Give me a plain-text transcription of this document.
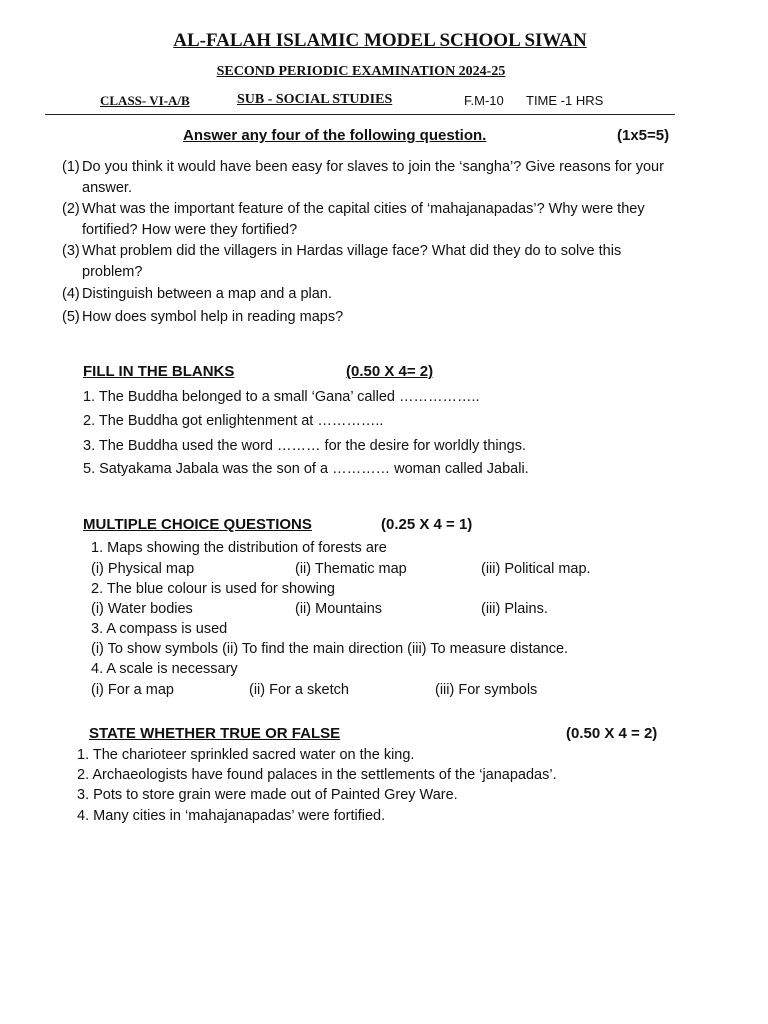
AL-FALAH ISLAMIC MODEL SCHOOL SIWAN
SECOND PERIODIC EXAMINATION 2024-25
CLASS- VI-A/B	SUB - SOCIAL STUDIES	F.M-10 TIME -1 HRS
Answer any four of the following question.	(1x5=5)
(1) Do you think it would have been easy for slaves to join the ‘sangha’? Give reasons for your answer.
(2) What was the important feature of the capital cities of ‘mahajanapadas’? Why were they fortified? How were they fortified?
(3) What problem did the villagers in Hardas village face? What did they do to solve this problem?
(4) Distinguish between a map and a plan.
(5) How does symbol help in reading maps?
FILL IN THE BLANKS	(0.50 X 4= 2)
1. The Buddha belonged to a small ‘Gana’ called ……………..
2. The Buddha got enlightenment at …………..
3. The Buddha used the word ……… for the desire for worldly things.
5. Satyakama Jabala was the son of a ………… woman called Jabali.
MULTIPLE CHOICE QUESTIONS	(0.25 X 4 = 1)
1. Maps showing the distribution of forests are
(i) Physical map	(ii) Thematic map	(iii) Political map.
2. The blue colour is used for showing
(i) Water bodies	(ii) Mountains	(iii) Plains.
3. A compass is used
(i) To show symbols (ii) To find the main direction (iii) To measure distance.
4. A scale is necessary
(i) For a map	(ii) For a sketch	(iii) For symbols
STATE WHETHER TRUE OR FALSE	(0.50 X 4 = 2)
1. The charioteer sprinkled sacred water on the king.
2. Archaeologists have found palaces in the settlements of the ‘janapadas’.
3. Pots to store grain were made out of Painted Grey Ware.
4. Many cities in ‘mahajanapadas’ were fortified.
